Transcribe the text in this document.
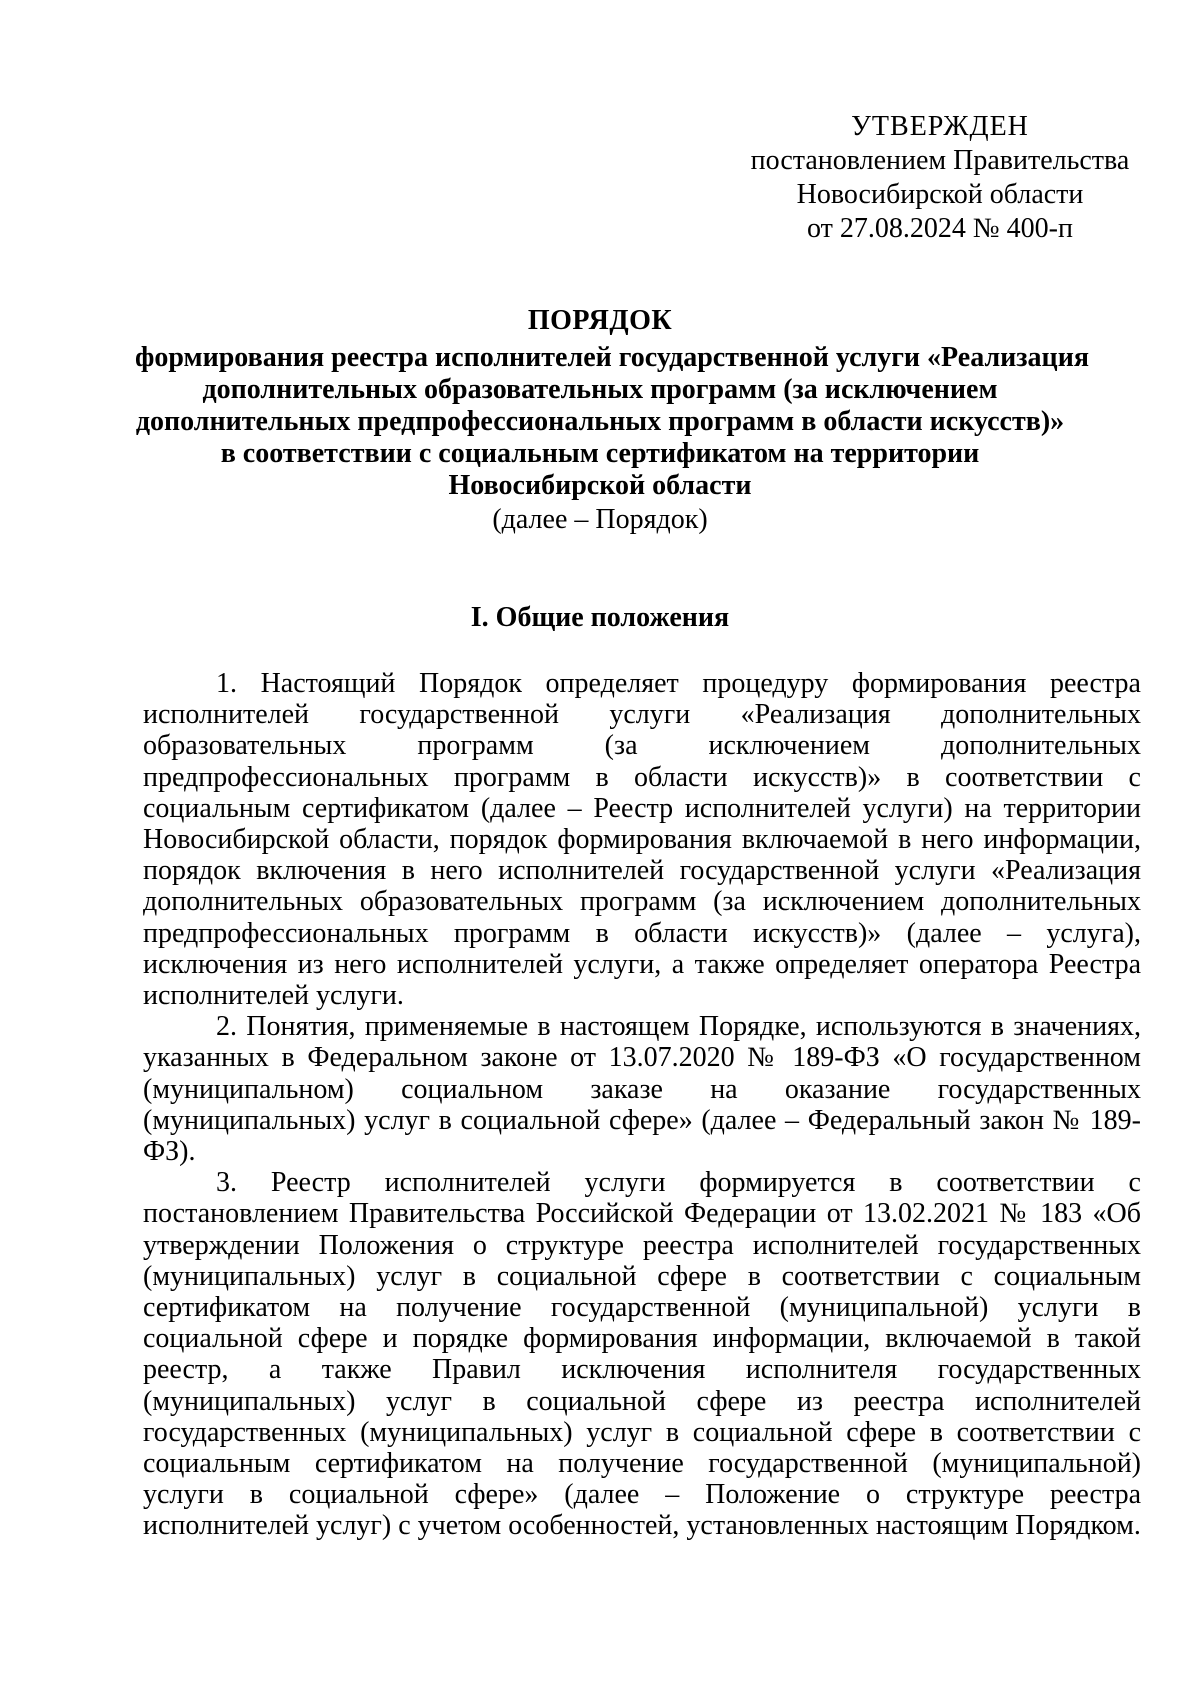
УТВЕРЖДЕН
постановлением Правительства
Новосибирской области
от 27.08.2024 № 400-п
ПОРЯДОК
формирования реестра исполнителей государственной услуги «Реализация
дополнительных образовательных программ (за исключением
дополнительных предпрофессиональных программ в области искусств)»
в соответствии с социальным сертификатом на территории
Новосибирской области
(далее – Порядок)
I. Общие положения

1. Настоящий Порядок определяет процедуру формирования реестра исполнителей государственной услуги «Реализация дополнительных образовательных программ (за исключением дополнительных предпрофессиональных программ в области искусств)» в соответствии с социальным сертификатом (далее – Реестр исполнителей услуги) на территории Новосибирской области, порядок формирования включаемой в него информации, порядок включения в него исполнителей государственной услуги «Реализация дополнительных образовательных программ (за исключением дополнительных предпрофессиональных программ в области искусств)» (далее – услуга), исключения из него исполнителей услуги, а также определяет оператора Реестра исполнителей услуги.

2. Понятия, применяемые в настоящем Порядке, используются в значениях, указанных в Федеральном законе от 13.07.2020 № 189-ФЗ «О государственном (муниципальном) социальном заказе на оказание государственных (муниципальных) услуг в социальной сфере» (далее – Федеральный закон № 189-ФЗ).

3. Реестр исполнителей услуги формируется в соответствии с постановлением Правительства Российской Федерации от 13.02.2021 № 183 «Об утверждении Положения о структуре реестра исполнителей государственных (муниципальных) услуг в социальной сфере в соответствии с социальным сертификатом на получение государственной (муниципальной) услуги в социальной сфере и порядке формирования информации, включаемой в такой реестр, а также Правил исключения исполнителя государственных (муниципальных) услуг в социальной сфере из реестра исполнителей государственных (муниципальных) услуг в социальной сфере в соответствии с социальным сертификатом на получение государственной (муниципальной) услуги в социальной сфере» (далее – Положение о структуре реестра исполнителей услуг) с учетом особенностей, установленных настоящим Порядком.
